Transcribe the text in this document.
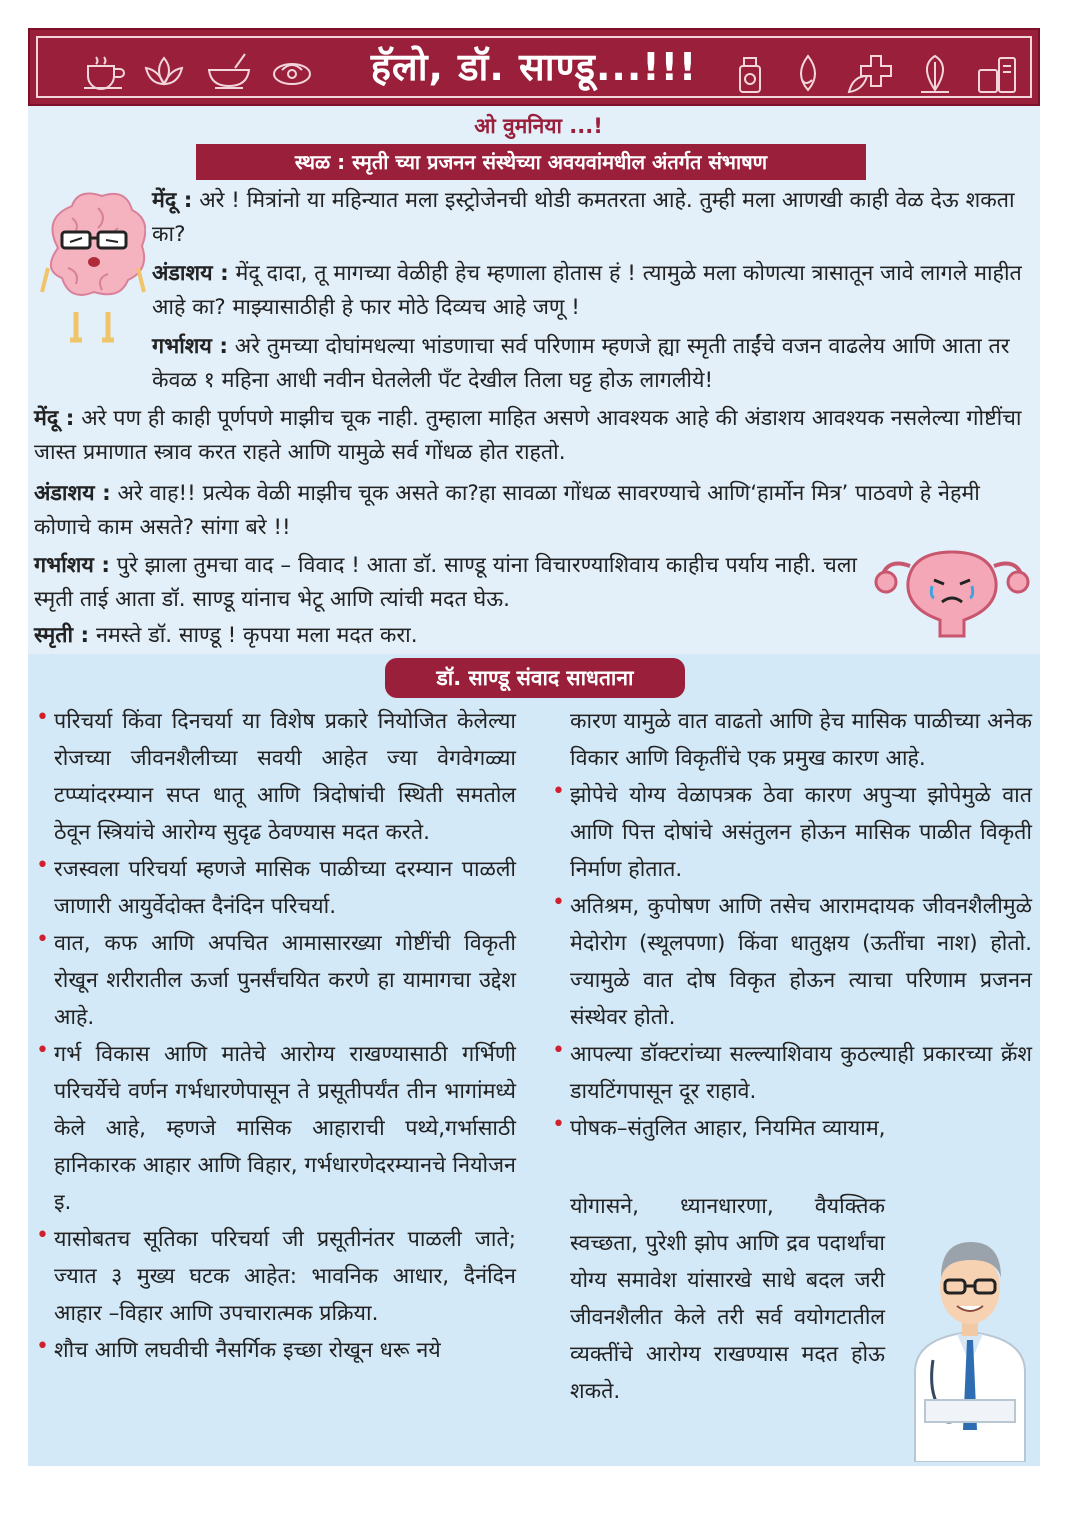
हॅलो, डॉ. साण्डू...!!!
ओ वुमनिया ...!
स्थळ : स्मृती च्या प्रजनन संस्थेच्या अवयवांमधील अंतर्गत संभाषण
मेंदू : अरे ! मित्रांनो या महिन्यात मला इस्ट्रोजेनची थोडी कमतरता आहे. तुम्ही मला आणखी काही वेळ देऊ शकता का?
अंडाशय : मेंदू दादा, तू मागच्या वेळीही हेच म्हणाला होतास हं ! त्यामुळे मला कोणत्या त्रासातून जावे लागले माहीत आहे का? माझ्यासाठीही हे फार मोठे दिव्यच आहे जणू !
गर्भाशय : अरे तुमच्या दोघांमधल्या भांडणाचा सर्व परिणाम म्हणजे ह्या स्मृती ताईंचे वजन वाढलेय आणि आता तर केवळ १ महिना आधी नवीन घेतलेली पँट देखील तिला घट्ट होऊ लागलीये!
मेंदू : अरे पण ही काही पूर्णपणे माझीच चूक नाही. तुम्हाला माहित असणे आवश्यक आहे की अंडाशय आवश्यक नसलेल्या गोष्टींचा जास्त प्रमाणात स्त्राव करत राहते आणि यामुळे सर्व गोंधळ होत राहतो.
अंडाशय : अरे वाह!! प्रत्येक वेळी माझीच चूक असते का?हा सावळा गोंधळ सावरण्याचे आणि‘हार्मोन मित्र’ पाठवणे हे नेहमी कोणाचे काम असते? सांगा बरे !!
गर्भाशय : पुरे झाला तुमचा वाद – विवाद ! आता डॉ. साण्डू यांना विचारण्याशिवाय काहीच पर्याय नाही. चला स्मृती ताई आता डॉ. साण्डू यांनाच भेटू आणि त्यांची मदत घेऊ.
स्मृती : नमस्ते डॉ. साण्डू ! कृपया मला मदत करा.
डॉ. साण्डू संवाद साधताना
• परिचर्या किंवा दिनचर्या या विशेष प्रकारे नियोजित केलेल्या रोजच्या जीवनशैलीच्या सवयी आहेत ज्या वेगवेगळ्या टप्प्यांदरम्यान सप्त धातू आणि त्रिदोषांची स्थिती समतोल ठेवून स्त्रियांचे आरोग्य सुदृढ ठेवण्यास मदत करते.
• रजस्वला परिचर्या म्हणजे मासिक पाळीच्या दरम्यान पाळली जाणारी आयुर्वेदोक्त दैनंदिन परिचर्या.
• वात, कफ आणि अपचित आमासारख्या गोष्टींची विकृती रोखून शरीरातील ऊर्जा पुनर्संचयित करणे हा यामागचा उद्देश आहे.
• गर्भ विकास आणि मातेचे आरोग्य राखण्यासाठी गर्भिणी परिचर्येचे वर्णन गर्भधारणेपासून ते प्रसूतीपर्यंत तीन भागांमध्ये केले आहे, म्हणजे मासिक आहाराची पथ्ये,गर्भासाठी हानिकारक आहार आणि विहार, गर्भधारणेदरम्यानचे नियोजन इ.
• यासोबतच सूतिका परिचर्या जी प्रसूतीनंतर पाळली जाते; ज्यात ३ मुख्य घटक आहेत: भावनिक आधार, दैनंदिन आहार –विहार आणि उपचारात्मक प्रक्रिया.
• शौच आणि लघवीची नैसर्गिक इच्छा रोखून धरू नये
कारण यामुळे वात वाढतो आणि हेच मासिक पाळीच्या अनेक विकार आणि विकृतींचे एक प्रमुख कारण आहे.
• झोपेचे योग्य वेळापत्रक ठेवा कारण अपुऱ्या झोपेमुळे वात आणि पित्त दोषांचे असंतुलन होऊन मासिक पाळीत विकृती निर्माण होतात.
• अतिश्रम, कुपोषण आणि तसेच आरामदायक जीवनशैलीमुळे मेदोरोग (स्थूलपणा) किंवा धातुक्षय (ऊतींचा नाश) होतो. ज्यामुळे वात दोष विकृत होऊन त्याचा परिणाम प्रजनन संस्थेवर होतो.
• आपल्या डॉक्टरांच्या सल्ल्याशिवाय कुठल्याही प्रकारच्या क्रॅश डायटिंगपासून दूर राहावे.
• पोषक–संतुलित आहार, नियमित व्यायाम,
योगासने, ध्यानधारणा, वैयक्तिक स्वच्छता, पुरेशी झोप आणि द्रव पदार्थांचा योग्य समावेश यांसारखे साधे बदल जरी जीवनशैलीत केले तरी सर्व वयोगटातील व्यक्तींचे आरोग्य राखण्यास मदत होऊ शकते.
